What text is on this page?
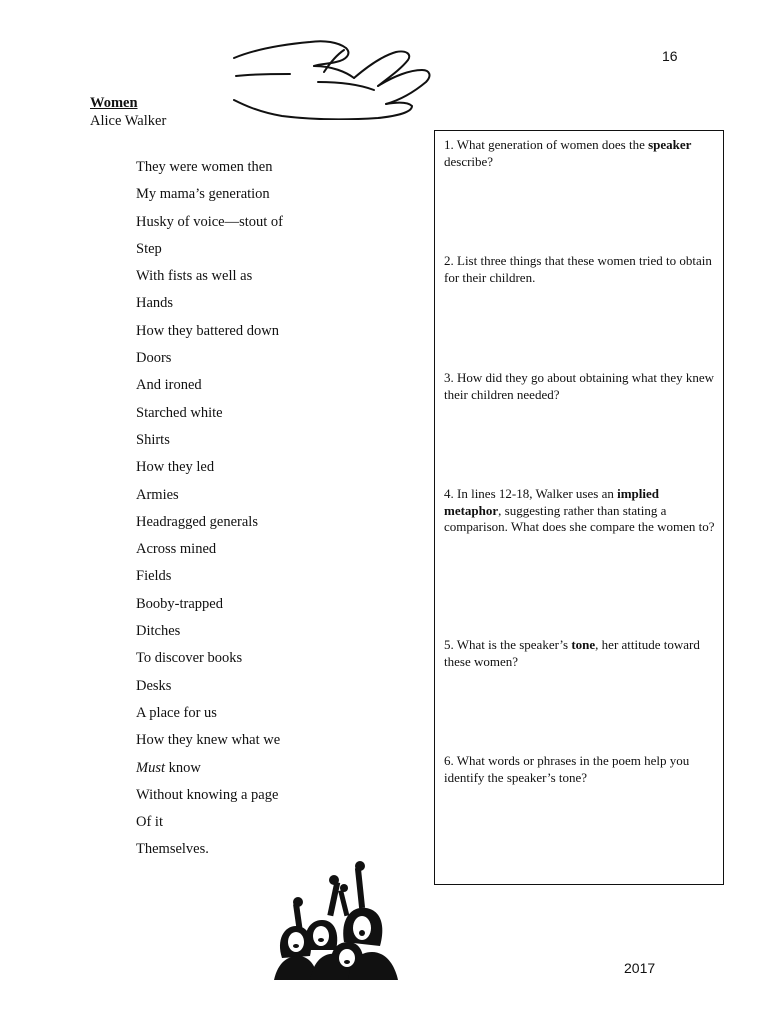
16
Women
Alice Walker
They were women then
My mama’s generation
Husky of voice—stout of
Step
With fists as well as
Hands
How they battered down
Doors
And ironed
Starched white
Shirts
How they led
Armies
Headragged generals
Across mined
Fields
Booby-trapped
Ditches
To discover books
Desks
A place for us
How they knew what we
Must know
Without knowing a page
Of it
Themselves.
1. What generation of women does the speaker describe?
2. List three things that these women tried to obtain for their children.
3. How did they go about obtaining what they knew their children needed?
4. In lines 12-18, Walker uses an implied metaphor, suggesting rather than stating a comparison. What does she compare the women to?
5. What is the speaker’s tone, her attitude toward these women?
6. What words or phrases in the poem help you identify the speaker’s tone?
2017
